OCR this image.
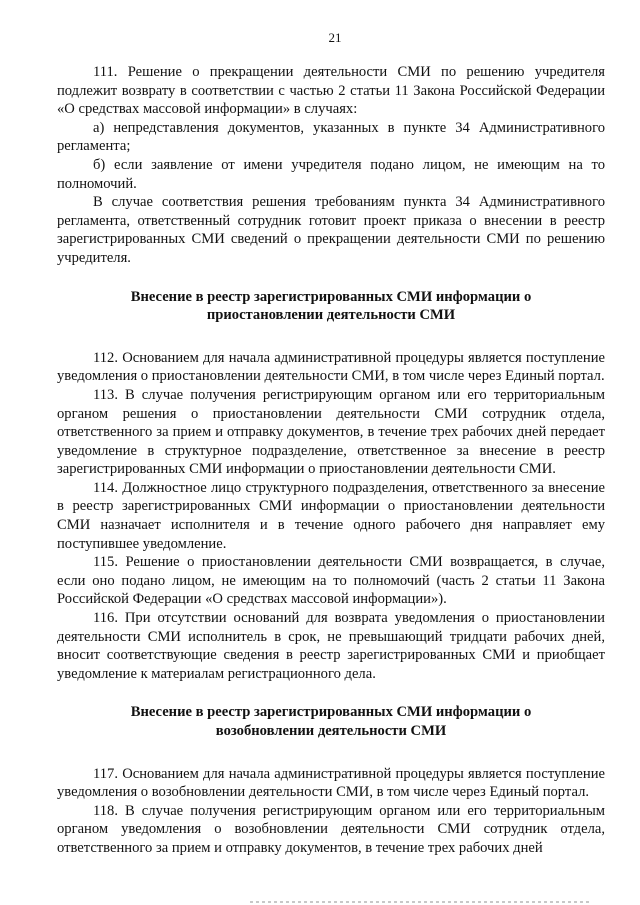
21

111. Решение о прекращении деятельности СМИ по решению учредителя подлежит возврату в соответствии с частью 2 статьи 11 Закона Российской Федерации «О средствах массовой информации» в случаях:

а) непредставления документов, указанных в пункте 34 Административного регламента;

б) если заявление от имени учредителя подано лицом, не имеющим на то полномочий.

В случае соответствия решения требованиям пункта 34 Административного регламента, ответственный сотрудник готовит проект приказа о внесении в реестр зарегистрированных СМИ сведений о прекращении деятельности СМИ по решению учредителя.

Внесение в реестр зарегистрированных СМИ информации о приостановлении деятельности СМИ

112. Основанием для начала административной процедуры является поступление уведомления о приостановлении деятельности СМИ, в том числе через Единый портал.

113. В случае получения регистрирующим органом или его территориальным органом решения о приостановлении деятельности СМИ сотрудник отдела, ответственного за прием и отправку документов, в течение трех рабочих дней передает уведомление в структурное подразделение, ответственное за внесение в реестр зарегистрированных СМИ информации о приостановлении деятельности СМИ.

114. Должностное лицо структурного подразделения, ответственного за внесение в реестр зарегистрированных СМИ информации о приостановлении деятельности СМИ назначает исполнителя и в течение одного рабочего дня направляет ему поступившее уведомление.

115. Решение о приостановлении деятельности СМИ возвращается, в случае, если оно подано лицом, не имеющим на то полномочий (часть 2 статьи 11 Закона Российской Федерации «О средствах массовой информации»).

116. При отсутствии оснований для возврата уведомления о приостановлении деятельности СМИ исполнитель в срок, не превышающий тридцати рабочих дней, вносит соответствующие сведения в реестр зарегистрированных СМИ и приобщает уведомление к материалам регистрационного дела.

Внесение в реестр зарегистрированных СМИ информации о возобновлении деятельности СМИ

117. Основанием для начала административной процедуры является поступление уведомления о возобновлении деятельности СМИ, в том числе через Единый портал.

118. В случае получения регистрирующим органом или его территориальным органом уведомления о возобновлении деятельности СМИ сотрудник отдела, ответственного за прием и отправку документов, в течение трех рабочих дней
